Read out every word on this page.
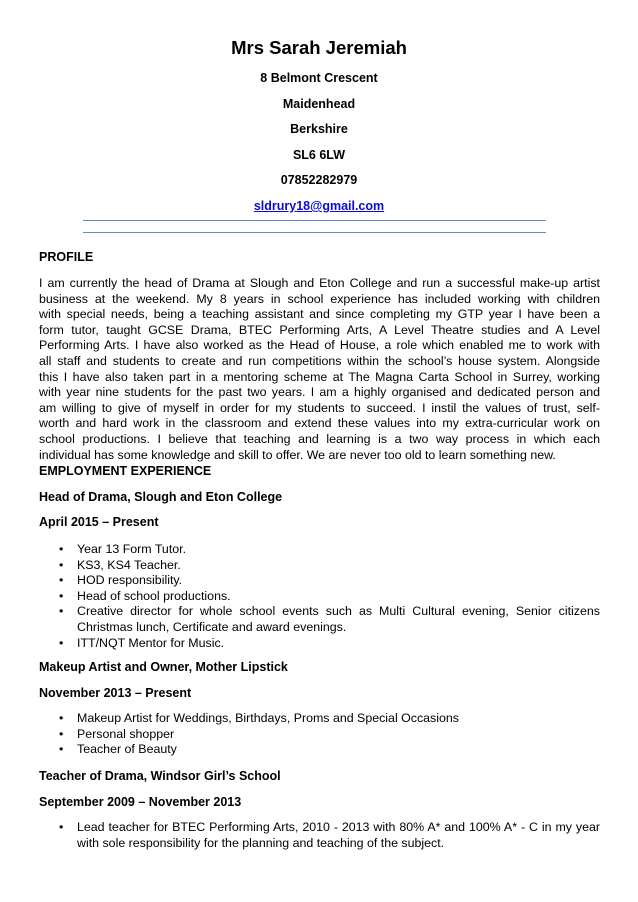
Mrs Sarah Jeremiah
8 Belmont Crescent
Maidenhead
Berkshire
SL6 6LW
07852282979
sldrury18@gmail.com
PROFILE
I am currently the head of Drama at Slough and Eton College and run a successful make-up artist
business at the weekend. My 8 years in school experience has included working with children
with special needs, being a teaching assistant and since completing my GTP year I have been a
form tutor, taught GCSE Drama, BTEC Performing Arts, A Level Theatre studies and A Level
Performing Arts. I have also worked as the Head of House, a role which enabled me to work with
all staff and students to create and run competitions within the school’s house system. Alongside
this I have also taken part in a mentoring scheme at The Magna Carta School in Surrey, working
with year nine students for the past two years. I am a highly organised and dedicated person and
am willing to give of myself in order for my students to succeed. I instil the values of trust, self-
worth and hard work in the classroom and extend these values into my extra-curricular work on
school productions. I believe that teaching and learning is a two way process in which each
individual has some knowledge and skill to offer. We are never too old to learn something new.
EMPLOYMENT EXPERIENCE
Head of Drama, Slough and Eton College
April 2015 – Present
• Year 13 Form Tutor.
• KS3, KS4 Teacher.
• HOD responsibility.
• Head of school productions.
• Creative director for whole school events such as Multi Cultural evening, Senior citizens Christmas lunch, Certificate and award evenings.
• ITT/NQT Mentor for Music.
Makeup Artist and Owner, Mother Lipstick
November 2013 – Present
• Makeup Artist for Weddings, Birthdays, Proms and Special Occasions
• Personal shopper
• Teacher of Beauty
Teacher of Drama, Windsor Girl’s School
September 2009 – November 2013
• Lead teacher for BTEC Performing Arts, 2010 - 2013 with 80% A* and 100% A* - C in my year with sole responsibility for the planning and teaching of the subject.
